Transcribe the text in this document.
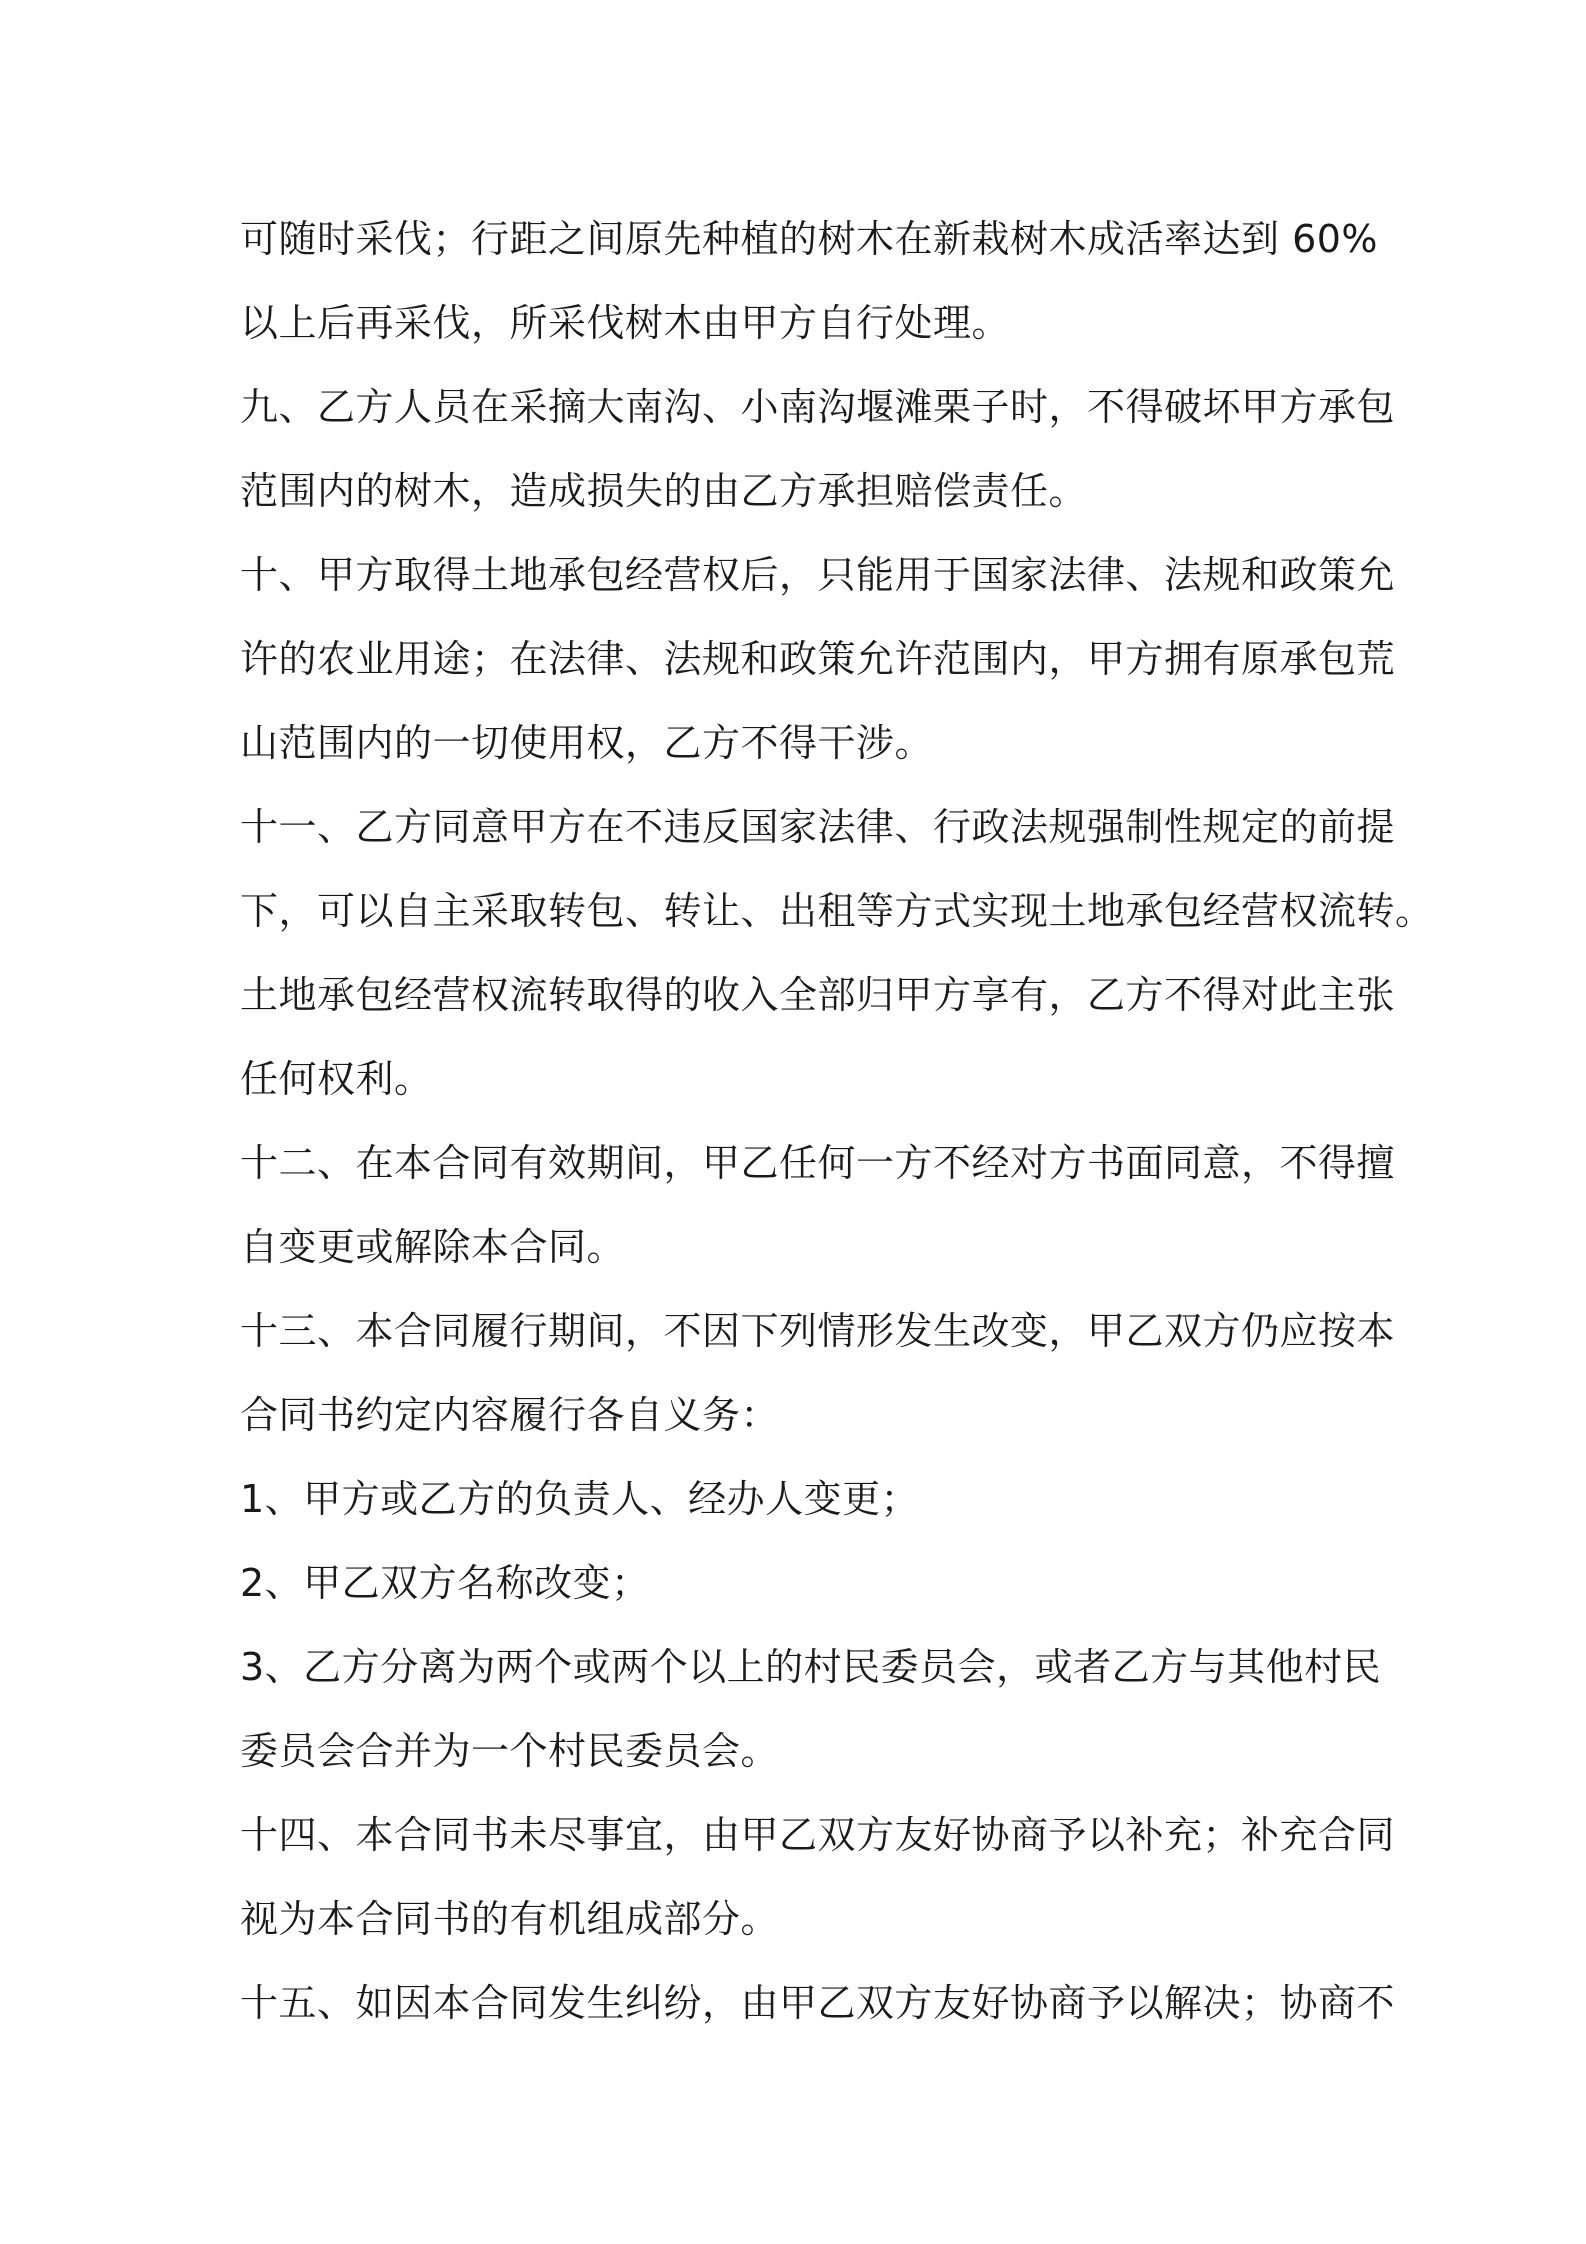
可随时采伐；行距之间原先种植的树木在新栽树木成活率达到 60%

以上后再采伐，所采伐树木由甲方自行处理。

九、乙方人员在采摘大南沟、小南沟堰滩栗子时，不得破坏甲方承包

范围内的树木，造成损失的由乙方承担赔偿责任。

十、甲方取得土地承包经营权后，只能用于国家法律、法规和政策允

许的农业用途；在法律、法规和政策允许范围内，甲方拥有原承包荒

山范围内的一切使用权，乙方不得干涉。

十一、乙方同意甲方在不违反国家法律、行政法规强制性规定的前提

下，可以自主采取转包、转让、出租等方式实现土地承包经营权流转。

土地承包经营权流转取得的收入全部归甲方享有，乙方不得对此主张

任何权利。

十二、在本合同有效期间，甲乙任何一方不经对方书面同意，不得擅

自变更或解除本合同。

十三、本合同履行期间，不因下列情形发生改变，甲乙双方仍应按本

合同书约定内容履行各自义务：

1、甲方或乙方的负责人、经办人变更；

2、甲乙双方名称改变；

3、乙方分离为两个或两个以上的村民委员会，或者乙方与其他村民

委员会合并为一个村民委员会。

十四、本合同书未尽事宜，由甲乙双方友好协商予以补充；补充合同

视为本合同书的有机组成部分。

十五、如因本合同发生纠纷，由甲乙双方友好协商予以解决；协商不
